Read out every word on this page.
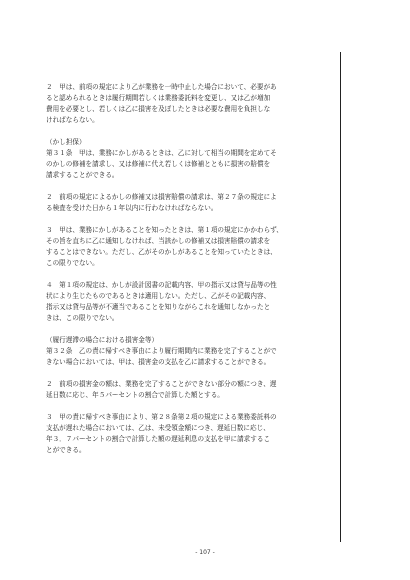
２　甲は、前項の規定により乙が業務を一時中止した場合において、必要があ
ると認められるときは履行期間若しくは業務委託料を変更し、又は乙が増加
費用を必要とし、若しくは乙に損害を及ぼしたときは必要な費用を負担しな
ければならない。

（かし担保）

第３１条　甲は、業務にかしがあるときは、乙に対して相当の期間を定めてそ
のかしの修補を請求し、又は修補に代え若しくは修補とともに損害の賠償を
請求することができる。

２　前項の規定によるかしの修補又は損害賠償の請求は、第２７条の規定によ
る検査を受けた日から１年以内に行わなければならない。

３　甲は、業務にかしがあることを知ったときは、第１項の規定にかかわらず、
その旨を直ちに乙に通知しなければ、当該かしの修補又は損害賠償の請求を
することはできない。ただし、乙がそのかしがあることを知っていたときは、
この限りでない。

４　第１項の規定は、かしが設計図書の記載内容、甲の指示又は貸与品等の性
状により生じたものであるときは適用しない。ただし、乙がその記載内容、
指示又は貸与品等が不適当であることを知りながらこれを通知しなかったと
きは、この限りでない。

（履行遅滞の場合における損害金等）

第３２条　乙の責に帰すべき事由により履行期間内に業務を完了することがで
きない場合においては、甲は、損害金の支払を乙に請求することができる。

２　前項の損害金の額は、業務を完了することができない部分の額につき、遅
延日数に応じ、年５パーセントの割合で計算した額とする。

３　甲の責に帰すべき事由により、第２８条第２項の規定による業務委託料の
支払が遅れた場合においては、乙は、未受領金額につき、遅延日数に応じ、
年３．７パーセントの割合で計算した額の遅延利息の支払を甲に請求するこ
とができる。

- 107 -
